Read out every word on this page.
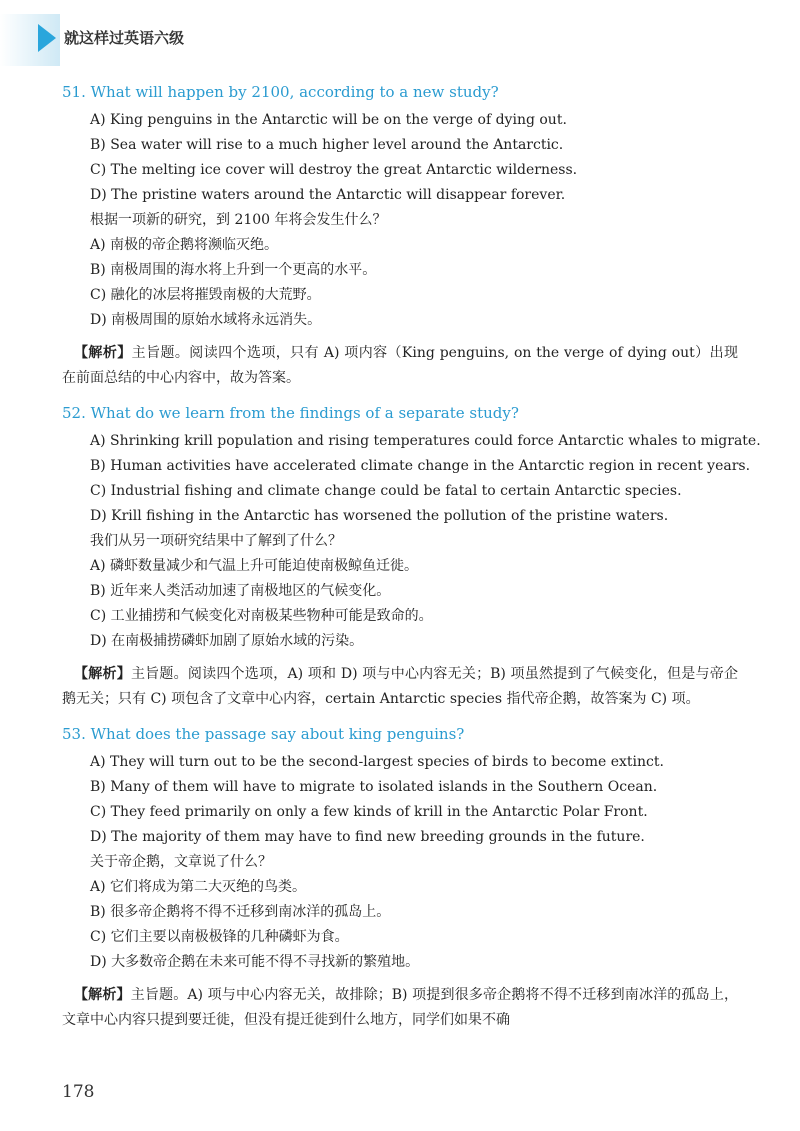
就这样过英语六级
51. What will happen by 2100, according to a new study?
A) King penguins in the Antarctic will be on the verge of dying out.
B) Sea water will rise to a much higher level around the Antarctic.
C) The melting ice cover will destroy the great Antarctic wilderness.
D) The pristine waters around the Antarctic will disappear forever.
根据一项新的研究，到 2100 年将会发生什么？
A) 南极的帝企鹅将濒临灭绝。
B) 南极周围的海水将上升到一个更高的水平。
C) 融化的冰层将摧毁南极的大荒野。
D) 南极周围的原始水域将永远消失。
【解析】主旨题。阅读四个选项，只有 A) 项内容（King penguins, on the verge of dying out）出现在前面总结的中心内容中，故为答案。
52. What do we learn from the findings of a separate study?
A) Shrinking krill population and rising temperatures could force Antarctic whales to migrate.
B) Human activities have accelerated climate change in the Antarctic region in recent years.
C) Industrial fishing and climate change could be fatal to certain Antarctic species.
D) Krill fishing in the Antarctic has worsened the pollution of the pristine waters.
我们从另一项研究结果中了解到了什么？
A) 磷虾数量减少和气温上升可能迫使南极鲸鱼迁徙。
B) 近年来人类活动加速了南极地区的气候变化。
C) 工业捕捞和气候变化对南极某些物种可能是致命的。
D) 在南极捕捞磷虾加剧了原始水域的污染。
【解析】主旨题。阅读四个选项，A) 项和 D) 项与中心内容无关；B) 项虽然提到了气候变化，但是与帝企鹅无关；只有 C) 项包含了文章中心内容，certain Antarctic species 指代帝企鹅，故答案为 C) 项。
53. What does the passage say about king penguins?
A) They will turn out to be the second-largest species of birds to become extinct.
B) Many of them will have to migrate to isolated islands in the Southern Ocean.
C) They feed primarily on only a few kinds of krill in the Antarctic Polar Front.
D) The majority of them may have to find new breeding grounds in the future.
关于帝企鹅，文章说了什么？
A) 它们将成为第二大灭绝的鸟类。
B) 很多帝企鹅将不得不迁移到南冰洋的孤岛上。
C) 它们主要以南极极锋的几种磷虾为食。
D) 大多数帝企鹅在未来可能不得不寻找新的繁殖地。
【解析】主旨题。A) 项与中心内容无关，故排除；B) 项提到很多帝企鹅将不得不迁移到南冰洋的孤岛上，文章中心内容只提到要迁徙，但没有提迁徙到什么地方，同学们如果不确
178
